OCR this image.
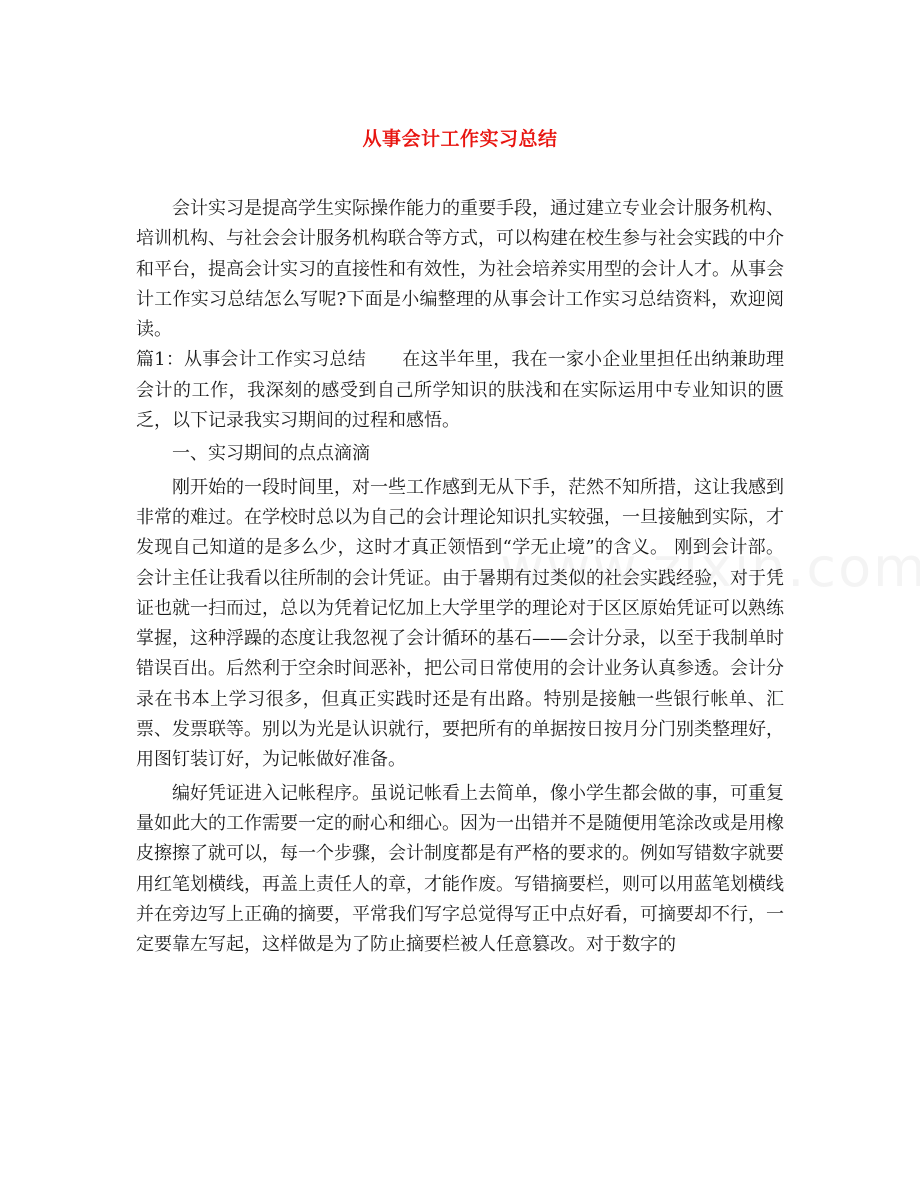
从事会计工作实习总结

会计实习是提高学生实际操作能力的重要手段，通过建立专业会计服务机构、培训机构、与社会会计服务机构联合等方式，可以构建在校生参与社会实践的中介和平台，提高会计实习的直接性和有效性，为社会培养实用型的会计人才。从事会计工作实习总结怎么写呢?下面是小编整理的从事会计工作实习总结资料，欢迎阅读。

篇1：从事会计工作实习总结　　在这半年里，我在一家小企业里担任出纳兼助理会计的工作，我深刻的感受到自己所学知识的肤浅和在实际运用中专业知识的匮乏，以下记录我实习期间的过程和感悟。

一、实习期间的点点滴滴

刚开始的一段时间里，对一些工作感到无从下手，茫然不知所措，这让我感到非常的难过。在学校时总以为自己的会计理论知识扎实较强，一旦接触到实际，才发现自己知道的是多么少，这时才真正领悟到“学无止境”的含义。 刚到会计部。会计主任让我看以往所制的会计凭证。由于暑期有过类似的社会实践经验，对于凭证也就一扫而过，总以为凭着记忆加上大学里学的理论对于区区原始凭证可以熟练掌握，这种浮躁的态度让我忽视了会计循环的基石——会计分录，以至于我制单时错误百出。后然利于空余时间恶补，把公司日常使用的会计业务认真参透。会计分录在书本上学习很多，但真正实践时还是有出路。特别是接触一些银行帐单、汇票、发票联等。别以为光是认识就行，要把所有的单据按日按月分门别类整理好，用图钉装订好，为记帐做好准备。

编好凭证进入记帐程序。虽说记帐看上去简单，像小学生都会做的事，可重复量如此大的工作需要一定的耐心和细心。因为一出错并不是随便用笔涂改或是用橡皮擦擦了就可以，每一个步骤，会计制度都是有严格的要求的。例如写错数字就要用红笔划横线，再盖上责任人的章，才能作废。写错摘要栏，则可以用蓝笔划横线并在旁边写上正确的摘要，平常我们写字总觉得写正中点好看，可摘要却不行，一定要靠左写起，这样做是为了防止摘要栏被人任意篡改。对于数字的
